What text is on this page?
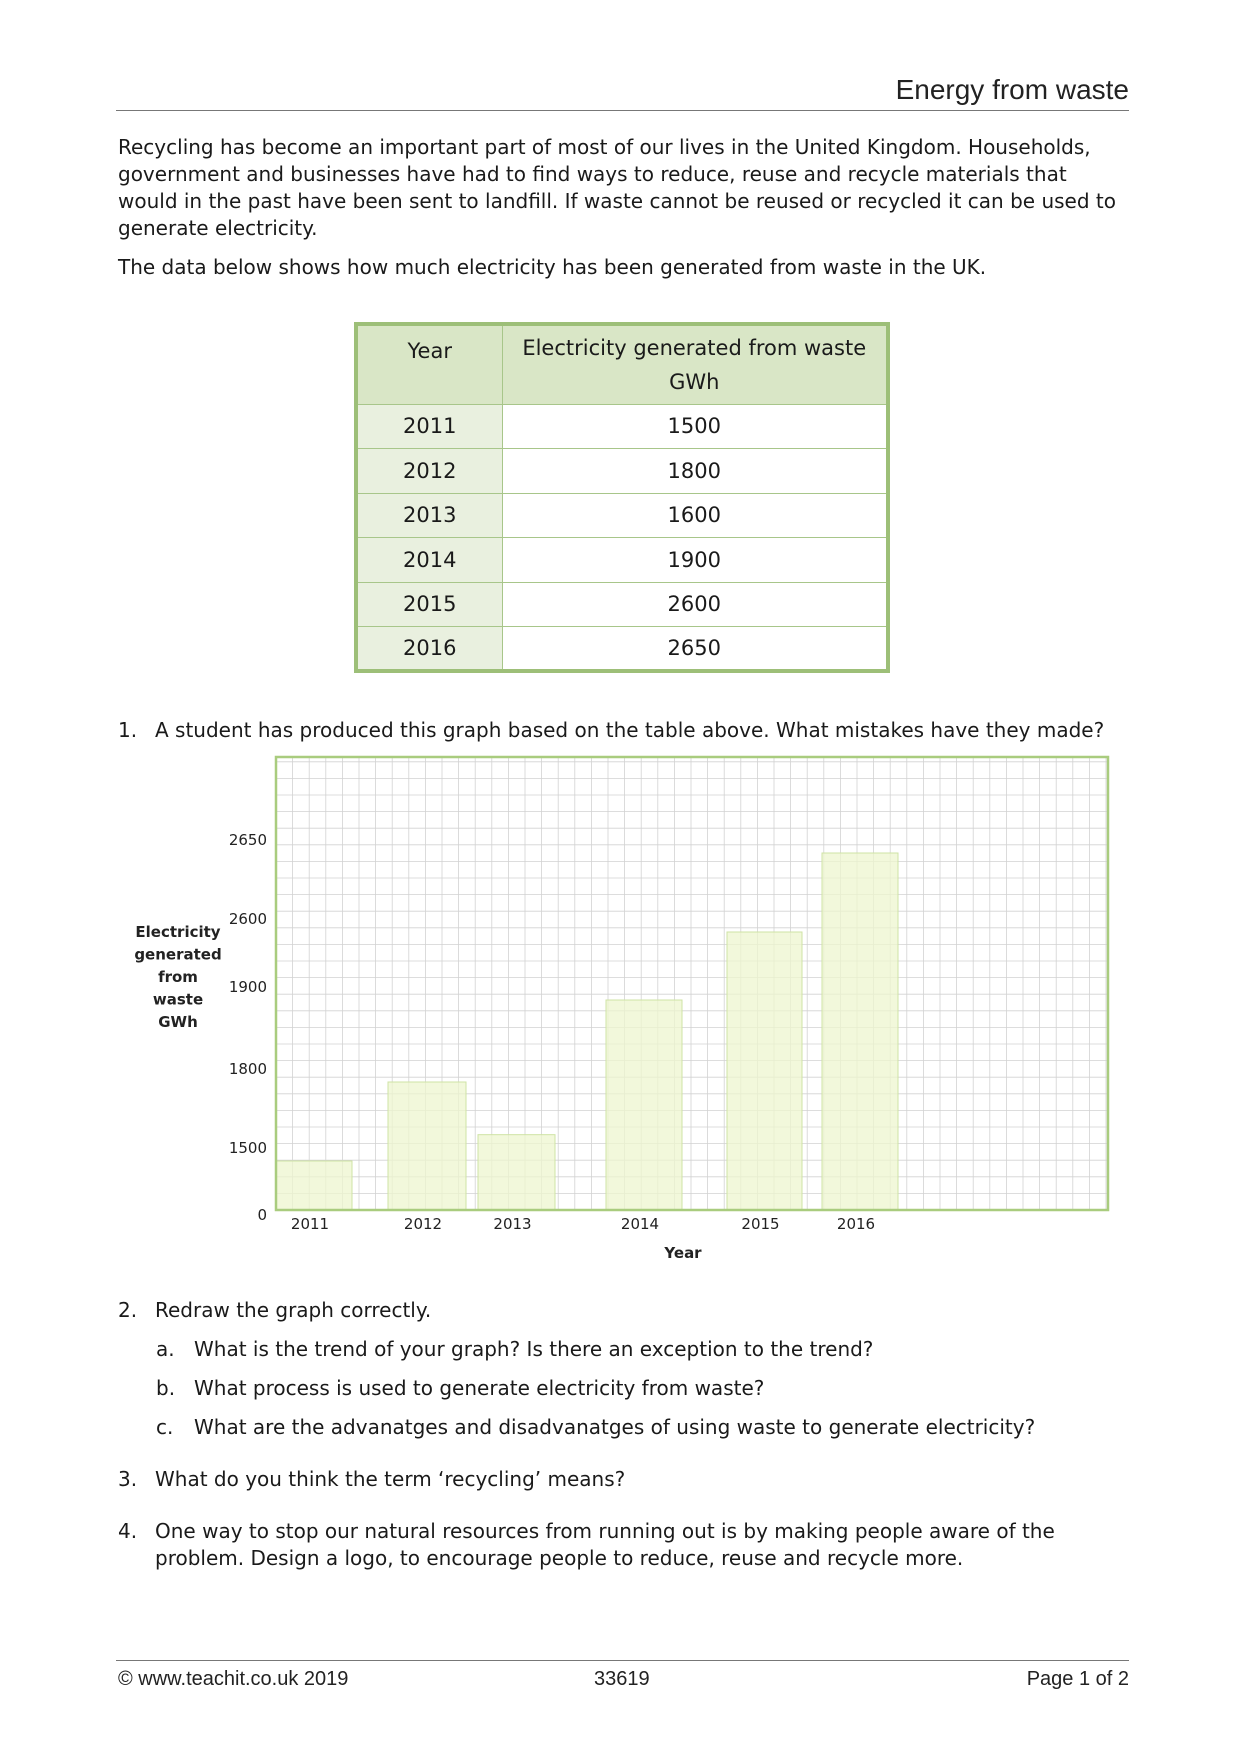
Energy from waste

Recycling has become an important part of most of our lives in the United Kingdom. Households, government and businesses have had to find ways to reduce, reuse and recycle materials that would in the past have been sent to landfill. If waste cannot be reused or recycled it can be used to generate electricity.

The data below shows how much electricity has been generated from waste in the UK.

Year	Electricity generated from waste
GWh
2011	1500
2012	1800
2013	1600
2014	1900
2015	2600
2016	2650
1. A student has produced this graph based on the table above. What mistakes have they made?
0
1500
1800
1900
2600
2650
2011	2012	2013	2014	2015	2016
Year
Electricity
generated
from
waste
GWh
2. Redraw the graph correctly.
a. What is the trend of your graph? Is there an exception to the trend?
b. What process is used to generate electricity from waste?
c.	What are the advanatges and disadvanatges of using waste to generate electricity?
3. What do you think the term ‘recycling’ means?
4. One way to stop our natural resources from running out is by making people aware of the problem. Design a logo, to encourage people to reduce, reuse and recycle more.
© www.teachit.co.uk 2019	33619	Page 1 of 2
